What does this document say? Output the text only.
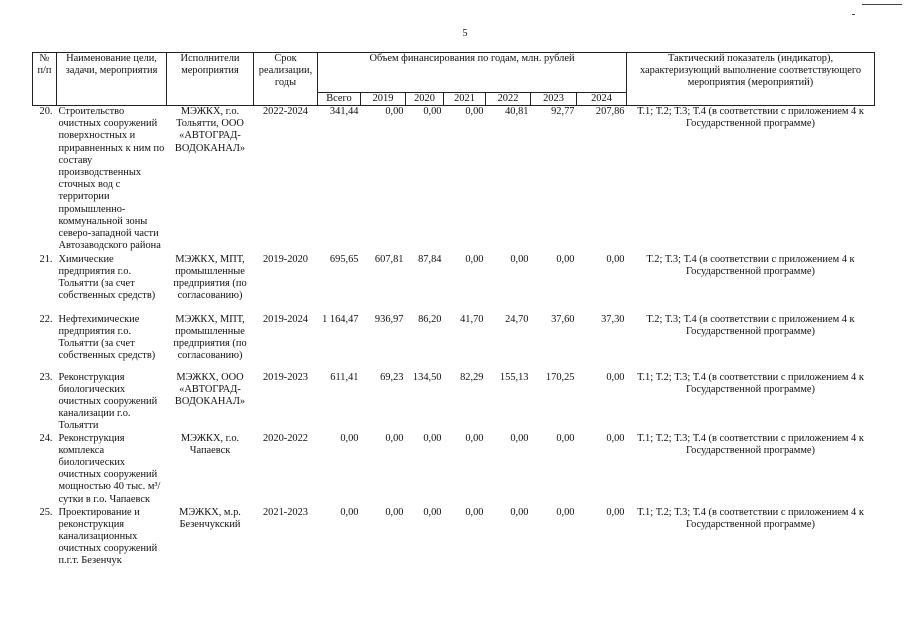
5
№ п/п	Наименование цели, задачи, мероприятия	Исполнители мероприятия	Срок реализации, годы	Объем финансирования по годам, млн. рублей							Тактический показатель (индикатор), характеризующий выполнение соответствующего мероприятия (мероприятий)
				Всего	2019	2020	2021	2022	2023	2024	
20.	Строительство очистных сооружений поверхностных и приравненных к ним по составу производственных сточных вод с территории промышленно-коммунальной зоны северо-западной части Автозаводского района	МЭЖКХ, г.о. Тольятти, ООО «АВТОГРАД-ВОДОКАНАЛ»	2022-2024	341,44	0,00	0,00	0,00	40,81	92,77	207,86	Т.1; Т.2; Т.3; Т.4 (в соответствии с приложением 4 к Государственной программе)
21.	Химические предприятия г.о. Тольятти (за счет собственных средств)	МЭЖКХ, МПТ, промышленные предприятия (по согласованию)	2019-2020	695,65	607,81	87,84	0,00	0,00	0,00	0,00	Т.2; Т.3; Т.4 (в соответствии с приложением 4 к Государственной программе)
22.	Нефтехимические предприятия г.о. Тольятти (за счет собственных средств)	МЭЖКХ, МПТ, промышленные предприятия (по согласованию)	2019-2024	1 164,47	936,97	86,20	41,70	24,70	37,60	37,30	Т.2; Т.3; Т.4 (в соответствии с приложением 4 к Государственной программе)
23.	Реконструкция биологических очистных сооружений канализации г.о. Тольятти	МЭЖКХ, ООО «АВТОГРАД-ВОДОКАНАЛ»	2019-2023	611,41	69,23	134,50	82,29	155,13	170,25	0,00	Т.1; Т.2; Т.3; Т.4 (в соответствии с приложением 4 к Государственной программе)
24.	Реконструкция комплекса биологических очистных сооружений мощностью 40 тыс. м³/сутки в г.о. Чапаевск	МЭЖКХ, г.о. Чапаевск	2020-2022	0,00	0,00	0,00	0,00	0,00	0,00	0,00	Т.1; Т.2; Т.3; Т.4 (в соответствии с приложением 4 к Государственной программе)
25.	Проектирование и реконструкция канализационных очистных сооружений п.г.т. Безенчук	МЭЖКХ, м.р. Безенчукский	2021-2023	0,00	0,00	0,00	0,00	0,00	0,00	0,00	Т.1; Т.2; Т.3; Т.4 (в соответствии с приложением 4 к Государственной программе)
